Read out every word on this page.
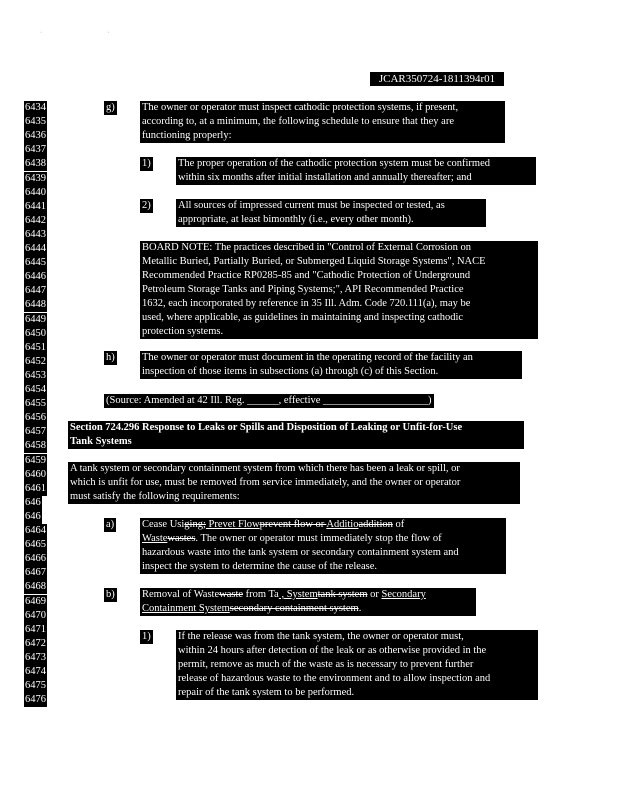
· ·
JCAR350724-1811394r01
6434
6435
6436
6437
6438
6439
6440
6441
6442
6443
6444
6445
6446
6447
6448
6449
6450
6451
6452
6453
6454
6455
6456
6457
6458
6459
6460
6461
646
646
6464
6465
6466
6467
6468
6469
6470
6471
6472
6473
6474
6475
6476
g)	The owner or operator must inspect cathodic protection systems, if present,
according to, at a minimum, the following schedule to ensure that they are
functioning properly:
1)	The proper operation of the cathodic protection system must be confirmed
within six months after initial installation and annually thereafter; and
2)	All sources of impressed current must be inspected or tested, as
appropriate, at least bimonthly (i.e., every other month).
BOARD NOTE: The practices described in "Control of External Corrosion on
Metallic Buried, Partially Buried, or Submerged Liquid Storage Systems", NACE
Recommended Practice RP0285-85 and "Cathodic Protection of Underground
Petroleum Storage Tanks and Piping Systems;", API Recommended Practice
1632, each incorporated by reference in 35 Ill. Adm. Code 720.111(a), may be
used, where applicable, as guidelines in maintaining and inspecting cathodic
protection systems.
h)	The owner or operator must document in the operating record of the facility an
inspection of those items in subsections (a) through (c) of this Section.
(Source: Amended at 42 Ill. Reg. ______, effective ____________________)
Section 724.296 Response to Leaks or Spills and Disposition of Leaking or Unfit-for-Use
Tank Systems
A tank system or secondary containment system from which there has been a leak or spill, or
which is unfit for use, must be removed from service immediately, and the owner or operator
must satisfy the following requirements:
a)	Cease Usiging; Prevet Flowprevent flow or Additioaddition of
Wastewastes. The owner or operator must immediately stop the flow of
hazardous waste into the tank system or secondary containment system and
inspect the system to determine the cause of the release.
b)	Removal of Wastewaste from Ta , Systemtank system or Secondary
Containment Systemsecondary containment system.
1)	If the release was from the tank system, the owner or operator must,
within 24 hours after detection of the leak or as otherwise provided in the
permit, remove as much of the waste as is necessary to prevent further
release of hazardous waste to the environment and to allow inspection and
repair of the tank system to be performed.
